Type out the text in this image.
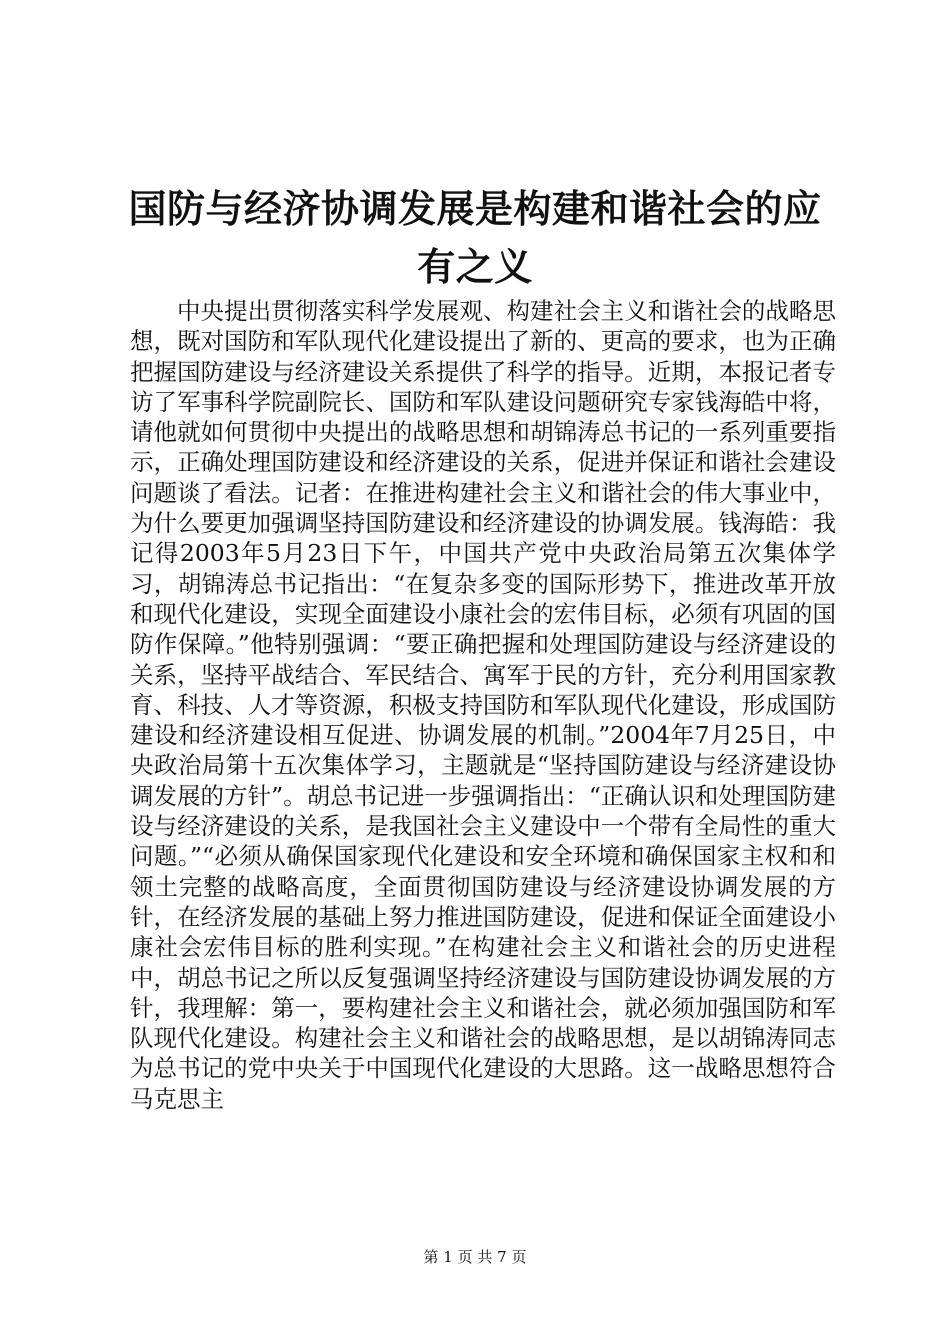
国防与经济协调发展是构建和谐社会的应有之义

中央提出贯彻落实科学发展观、构建社会主义和谐社会的战略思想，既对国防和军队现代化建设提出了新的、更高的要求，也为正确把握国防建设与经济建设关系提供了科学的指导。近期，本报记者专访了军事科学院副院长、国防和军队建设问题研究专家钱海皓中将，请他就如何贯彻中央提出的战略思想和胡锦涛总书记的一系列重要指示，正确处理国防建设和经济建设的关系，促进并保证和谐社会建设问题谈了看法。记者：在推进构建社会主义和谐社会的伟大事业中，为什么要更加强调坚持国防建设和经济建设的协调发展。钱海皓：我记得2003年5月23日下午，中国共产党中央政治局第五次集体学习，胡锦涛总书记指出：“在复杂多变的国际形势下，推进改革开放和现代化建设，实现全面建设小康社会的宏伟目标，必须有巩固的国防作保障。”他特别强调：“要正确把握和处理国防建设与经济建设的关系，坚持平战结合、军民结合、寓军于民的方针，充分利用国家教育、科技、人才等资源，积极支持国防和军队现代化建设，形成国防建设和经济建设相互促进、协调发展的机制。”2004年7月25日，中央政治局第十五次集体学习，主题就是“坚持国防建设与经济建设协调发展的方针”。胡总书记进一步强调指出：“正确认识和处理国防建设与经济建设的关系，是我国社会主义建设中一个带有全局性的重大问题。”“必须从确保国家现代化建设和安全环境和确保国家主权和和领土完整的战略高度，全面贯彻国防建设与经济建设协调发展的方针，在经济发展的基础上努力推进国防建设，促进和保证全面建设小康社会宏伟目标的胜利实现。”在构建社会主义和谐社会的历史进程中，胡总书记之所以反复强调坚持经济建设与国防建设协调发展的方针，我理解：第一，要构建社会主义和谐社会，就必须加强国防和军队现代化建设。构建社会主义和谐社会的战略思想，是以胡锦涛同志为总书记的党中央关于中国现代化建设的大思路。这一战略思想符合马克思主

第 1 页 共 7 页
